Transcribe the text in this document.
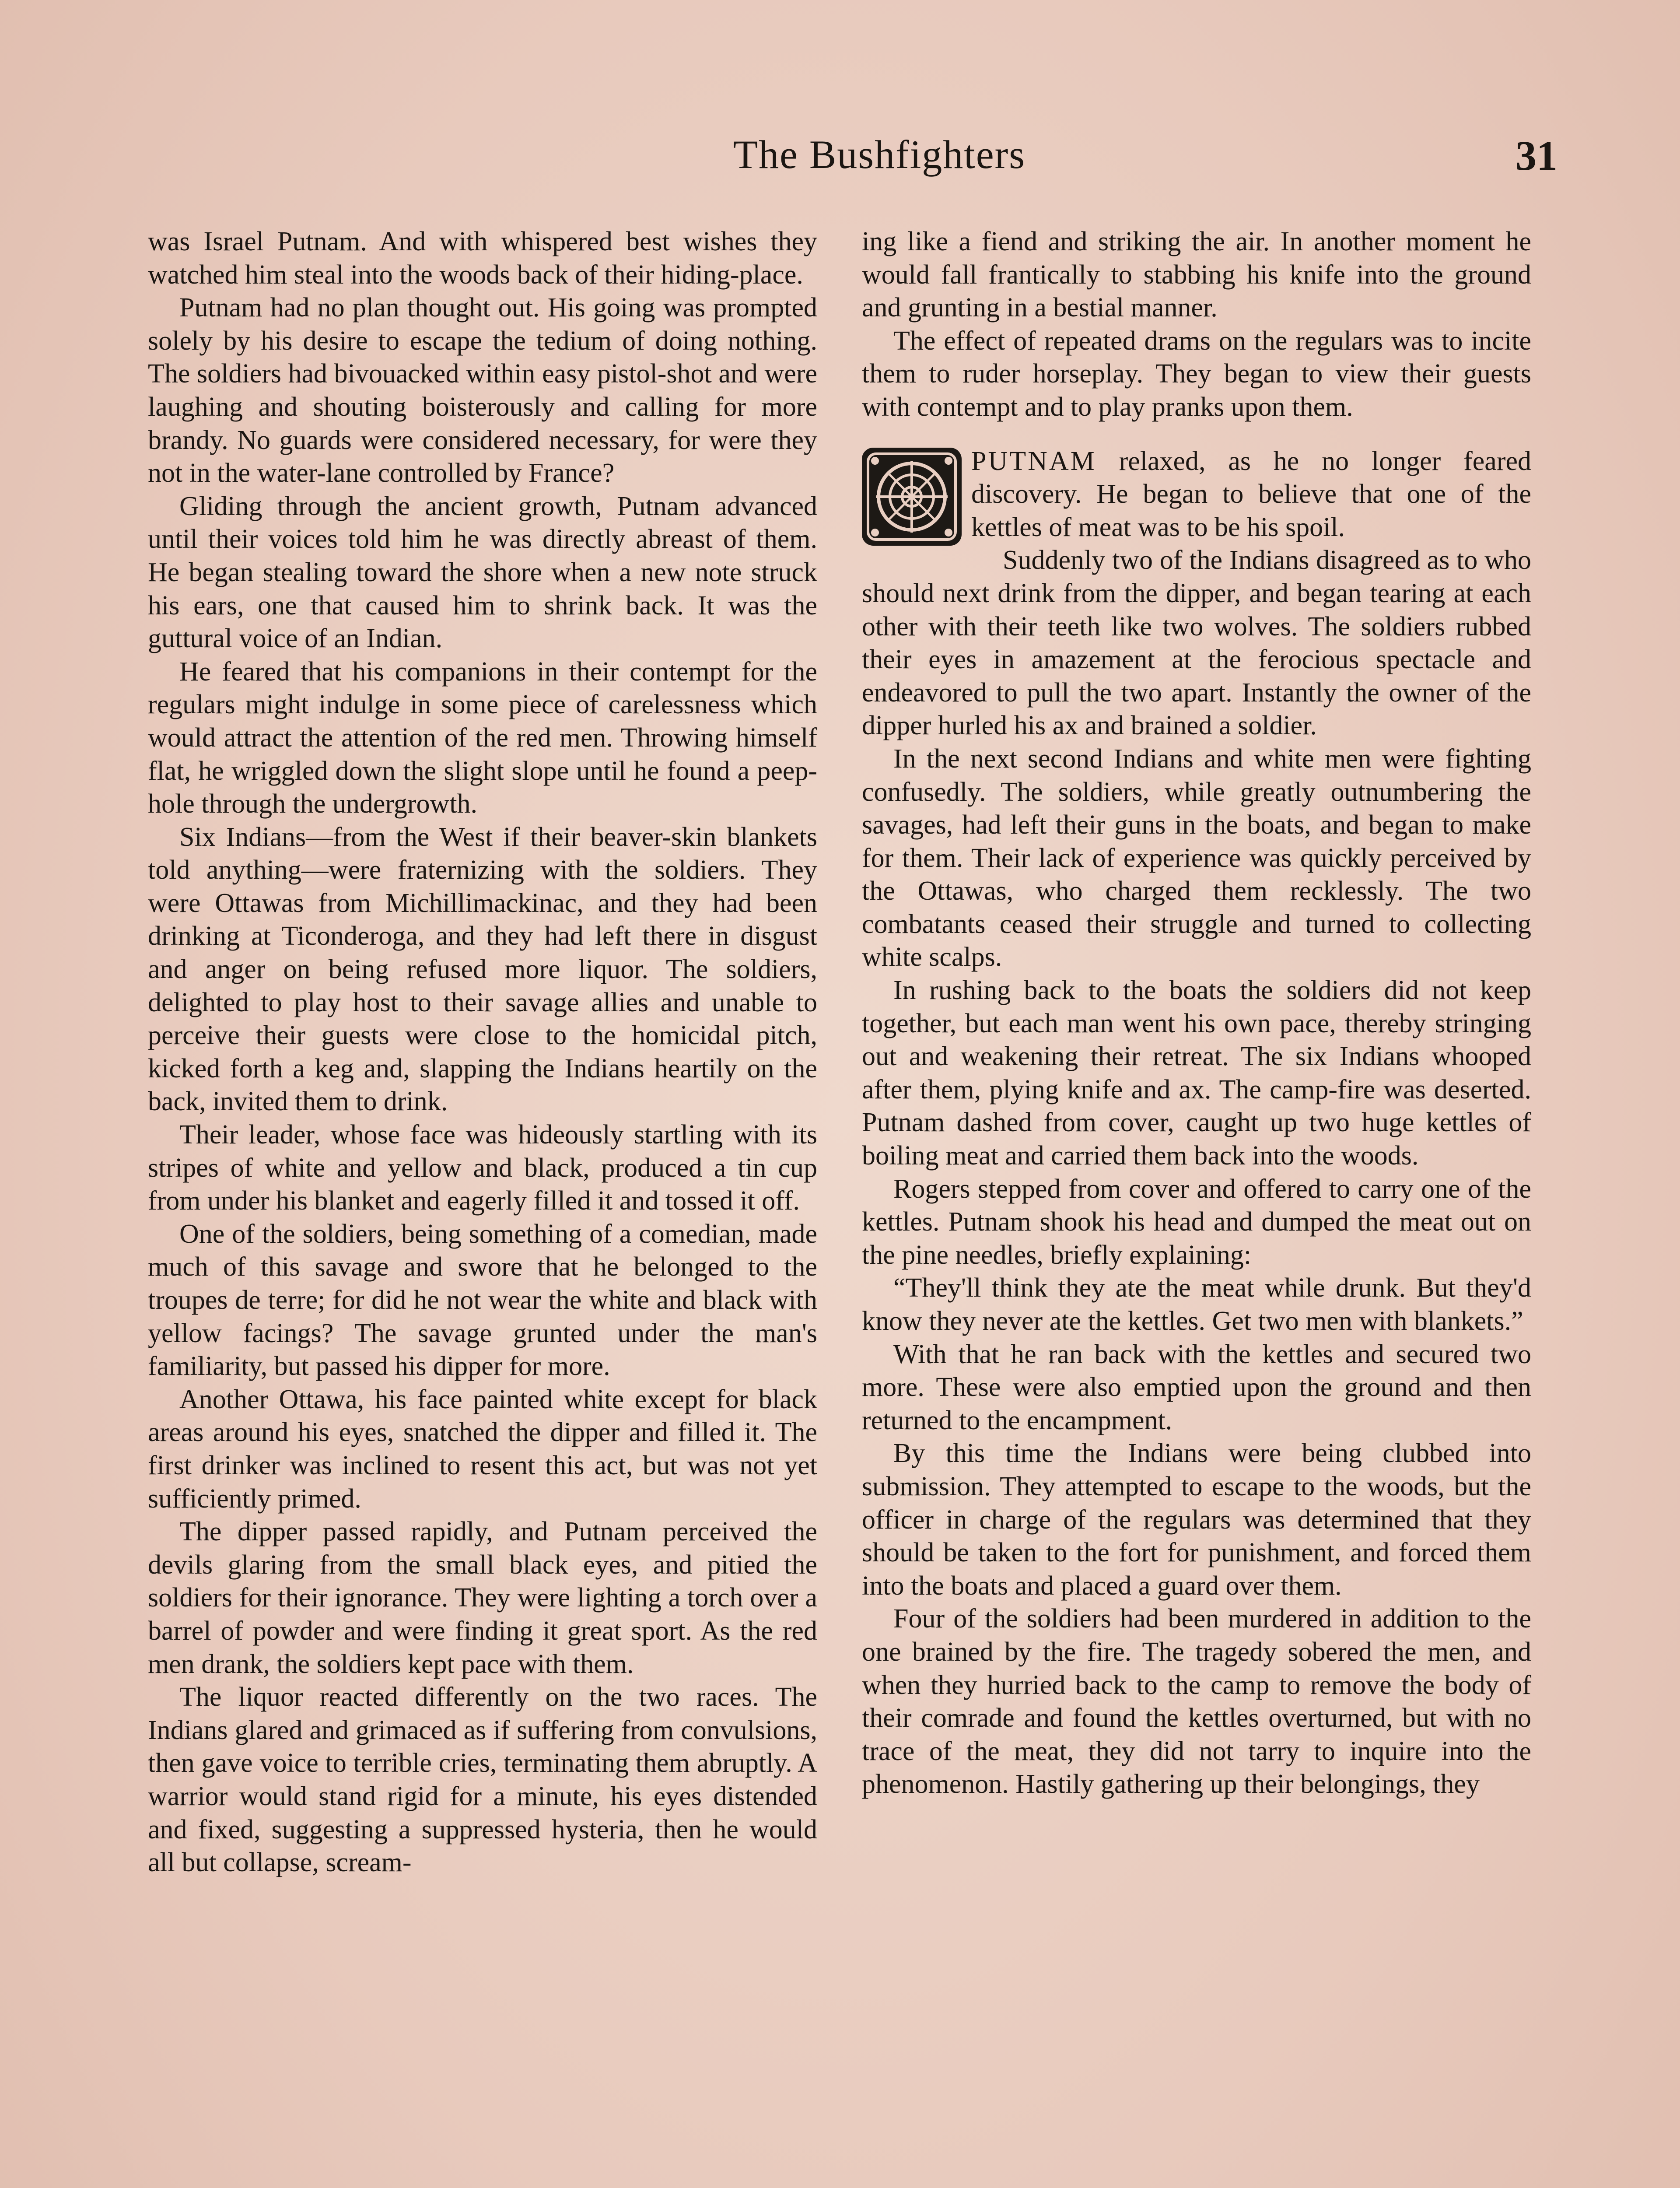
The Bushfighters	31

was Israel Putnam. And with whispered best wishes they watched him steal into the woods back of their hiding-place.

Putnam had no plan thought out. His going was prompted solely by his desire to escape the tedium of doing nothing. The soldiers had bivouacked within easy pistol-shot and were laughing and shouting boisterously and calling for more brandy. No guards were considered necessary, for were they not in the water-lane controlled by France?

Gliding through the ancient growth, Putnam advanced until their voices told him he was directly abreast of them. He began stealing toward the shore when a new note struck his ears, one that caused him to shrink back. It was the guttural voice of an Indian.

He feared that his companions in their contempt for the regulars might indulge in some piece of carelessness which would attract the attention of the red men. Throwing himself flat, he wriggled down the slight slope until he found a peep-hole through the undergrowth.

Six Indians—from the West if their beaver-skin blankets told anything—were fraternizing with the soldiers. They were Ottawas from Michillimackinac, and they had been drinking at Ticonderoga, and they had left there in disgust and anger on being refused more liquor. The soldiers, delighted to play host to their savage allies and unable to perceive their guests were close to the homicidal pitch, kicked forth a keg and, slapping the Indians heartily on the back, invited them to drink.

Their leader, whose face was hideously startling with its stripes of white and yellow and black, produced a tin cup from under his blanket and eagerly filled it and tossed it off.

One of the soldiers, being something of a comedian, made much of this savage and swore that he belonged to the troupes de terre; for did he not wear the white and black with yellow facings? The savage grunted under the man's familiarity, but passed his dipper for more.

Another Ottawa, his face painted white except for black areas around his eyes, snatched the dipper and filled it. The first drinker was inclined to resent this act, but was not yet sufficiently primed.

The dipper passed rapidly, and Putnam perceived the devils glaring from the small black eyes, and pitied the soldiers for their ignorance. They were lighting a torch over a barrel of powder and were finding it great sport. As the red men drank, the soldiers kept pace with them.

The liquor reacted differently on the two races. The Indians glared and grimaced as if suffering from convulsions, then gave voice to terrible cries, terminating them abruptly. A warrior would stand rigid for a minute, his eyes distended and fixed, suggesting a suppressed hysteria, then he would all but collapse, scream-

ing like a fiend and striking the air. In another moment he would fall frantically to stabbing his knife into the ground and grunting in a bestial manner.

The effect of repeated drams on the regulars was to incite them to ruder horseplay. They began to view their guests with contempt and to play pranks upon them.

PUTNAM relaxed, as he no longer feared discovery. He began to believe that one of the kettles of meat was to be his spoil.

Suddenly two of the Indians disagreed as to who should next drink from the dipper, and began tearing at each other with their teeth like two wolves. The soldiers rubbed their eyes in amazement at the ferocious spectacle and endeavored to pull the two apart. Instantly the owner of the dipper hurled his ax and brained a soldier.

In the next second Indians and white men were fighting confusedly. The soldiers, while greatly outnumbering the savages, had left their guns in the boats, and began to make for them. Their lack of experience was quickly perceived by the Ottawas, who charged them recklessly. The two combatants ceased their struggle and turned to collecting white scalps.

In rushing back to the boats the soldiers did not keep together, but each man went his own pace, thereby stringing out and weakening their retreat. The six Indians whooped after them, plying knife and ax. The camp-fire was deserted. Putnam dashed from cover, caught up two huge kettles of boiling meat and carried them back into the woods.

Rogers stepped from cover and offered to carry one of the kettles. Putnam shook his head and dumped the meat out on the pine needles, briefly explaining:

“They'll think they ate the meat while drunk. But they'd know they never ate the kettles. Get two men with blankets.”

With that he ran back with the kettles and secured two more. These were also emptied upon the ground and then returned to the encampment.

By this time the Indians were being clubbed into submission. They attempted to escape to the woods, but the officer in charge of the regulars was determined that they should be taken to the fort for punishment, and forced them into the boats and placed a guard over them.

Four of the soldiers had been murdered in addition to the one brained by the fire. The tragedy sobered the men, and when they hurried back to the camp to remove the body of their comrade and found the kettles overturned, but with no trace of the meat, they did not tarry to inquire into the phenomenon. Hastily gathering up their belongings, they
